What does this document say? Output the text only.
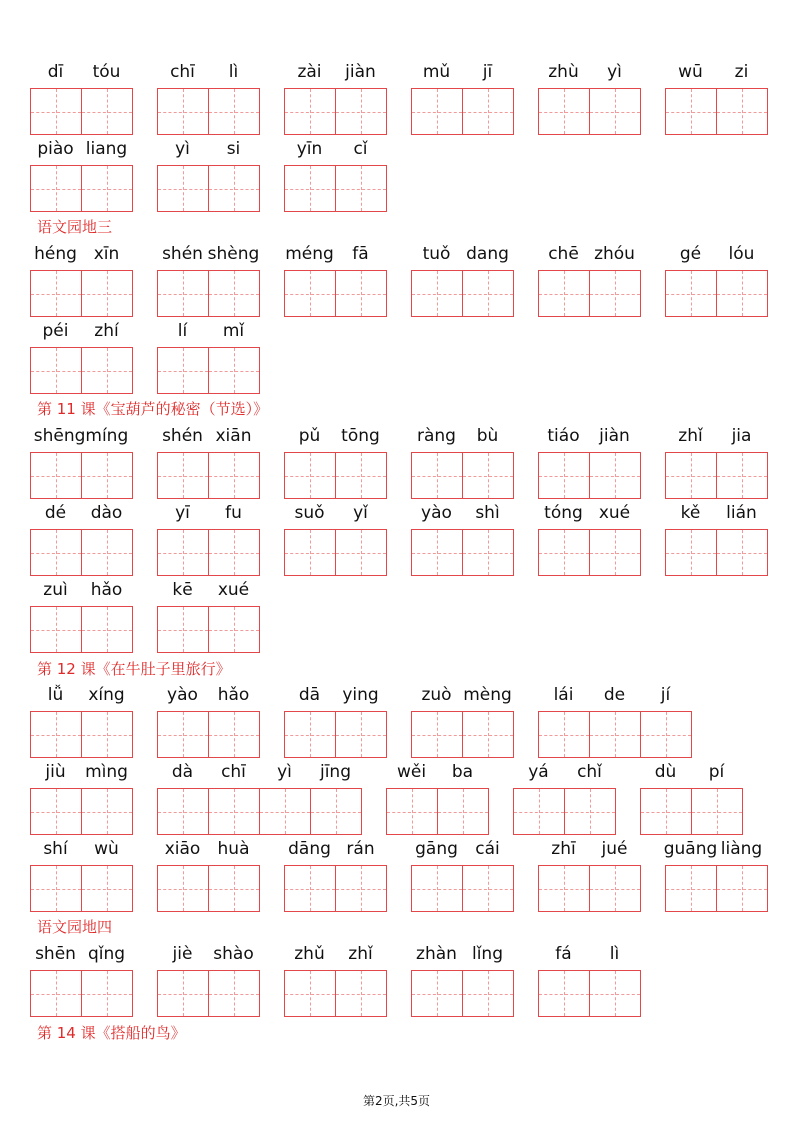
dī	tóu	chī	lì	zài	jiàn	mǔ	jī	zhù	yì	wū	zi
piào liang	yì	si	yīn	cǐ
语文园地三
héng xīn	shén shèng	méng	fā	tuǒ dang	chē zhóu	gé	lóu
péi	zhí	lí	mǐ
第 11 课《宝葫芦的秘密（节选）》
shēngmíng	shén xiān	pǔ	tōng	ràng	bù	tiáo	jiàn	zhǐ	jia
dé	dào	yī	fu	suǒ	yǐ	yào	shì	tóng xué	kě	lián
zuì	hǎo	kē	xué
第 12 课《在牛肚子里旅行》
lǚ	xíng	yào	hǎo	dā	ying	zuò mèng	lái	de	jí
jiù	mìng	dà	chī	yì	jīng	wěi	ba	yá	chǐ	dù	pí
shí	wù	xiāo	huà	dāng rán	gāng	cái	zhī	jué	guāng liàng
语文园地四
shēn qǐng	jiè	shào	zhǔ	zhǐ	zhàn lǐng	fá	lì
第 14 课《搭船的鸟》
第2页,共5页
